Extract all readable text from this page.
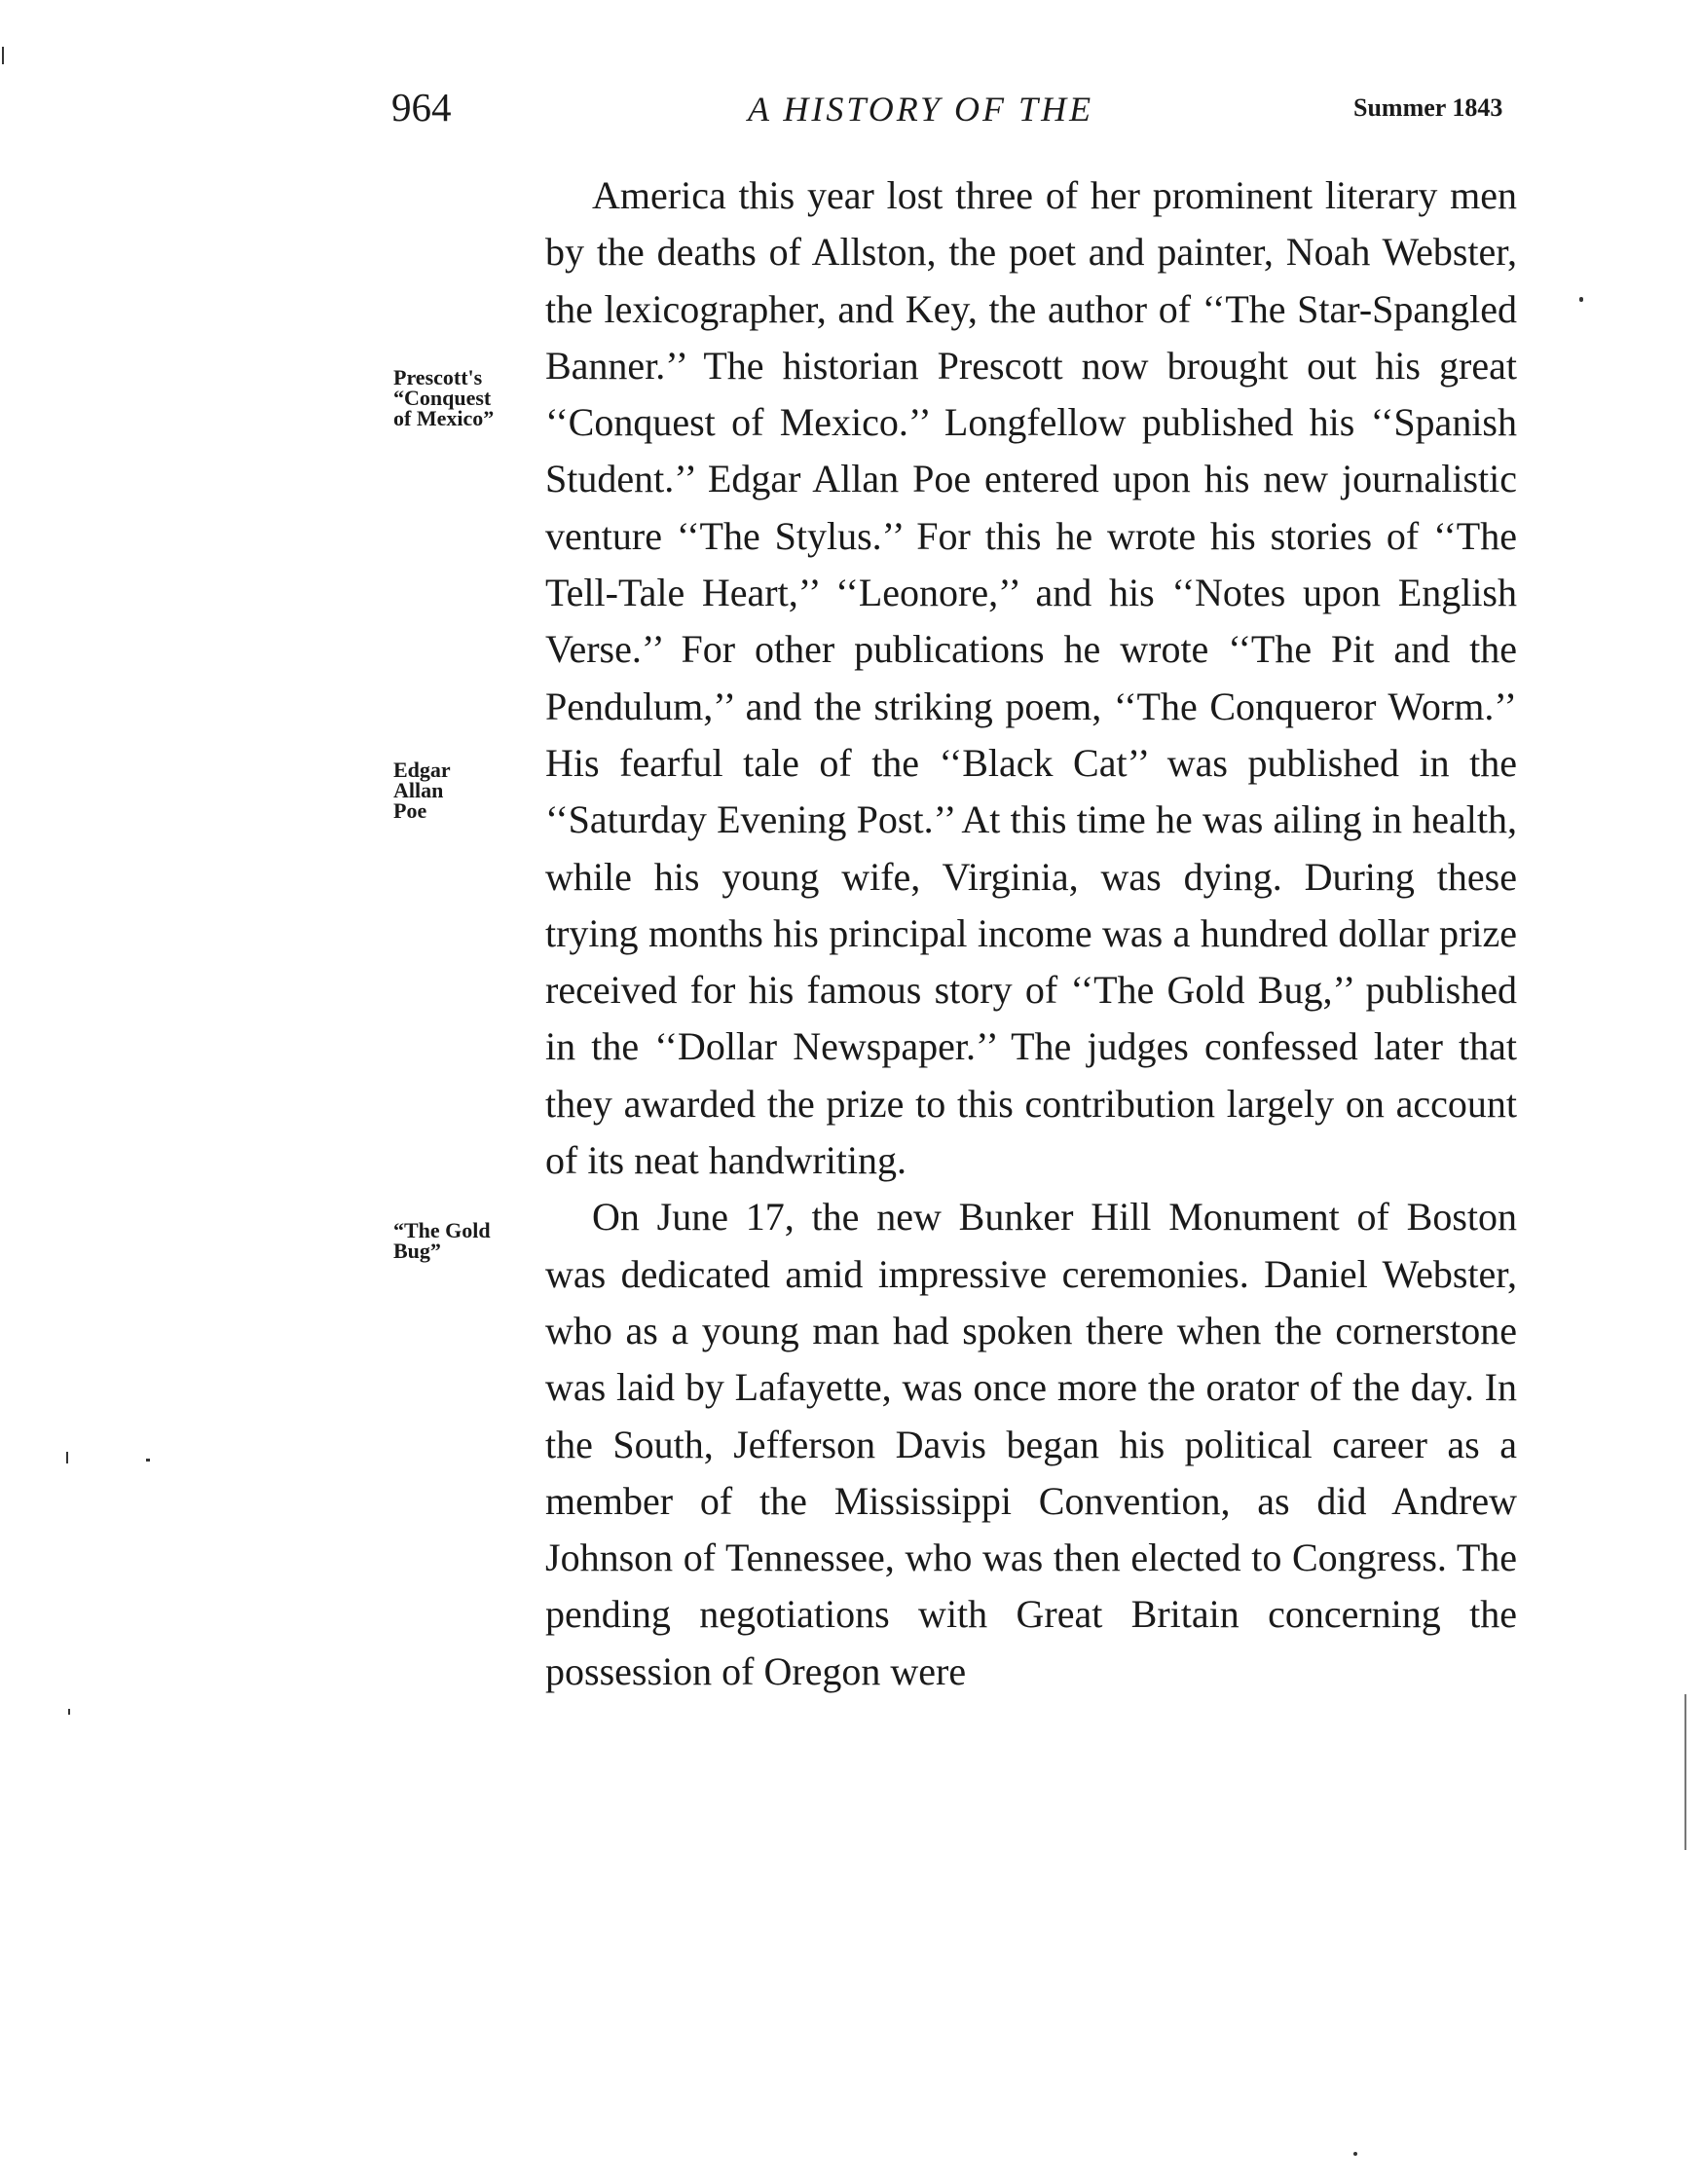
964	A HISTORY OF THE	Summer 1843
Prescott's
“Conquest
of Mexico”
Edgar
Allan
Poe
“The Gold
Bug”

America this year lost three of her prominent literary men by the deaths of Allston, the poet and painter, Noah Webster, the lexicographer, and Key, the author of ‘‘The Star-Spangled Banner.’’ The historian Prescott now brought out his great ‘‘Conquest of Mexico.’’ Longfellow published his ‘‘Spanish Student.’’ Edgar Allan Poe entered upon his new journalistic venture ‘‘The Stylus.’’ For this he wrote his stories of ‘‘The Tell-Tale Heart,’’ ‘‘Leonore,’’ and his ‘‘Notes upon English Verse.’’ For other publications he wrote ‘‘The Pit and the Pendulum,’’ and the striking poem, ‘‘The Conqueror Worm.’’ His fearful tale of the ‘‘Black Cat’’ was published in the ‘‘Saturday Evening Post.’’ At this time he was ailing in health, while his young wife, Virginia, was dying. During these trying months his principal income was a hundred dollar prize received for his famous story of ‘‘The Gold Bug,’’ published in the ‘‘Dollar Newspaper.’’ The judges confessed later that they awarded the prize to this contribution largely on account of its neat handwriting.

On June 17, the new Bunker Hill Monument of Boston was dedicated amid impressive ceremonies. Daniel Webster, who as a young man had spoken there when the cornerstone was laid by Lafayette, was once more the orator of the day. In the South, Jefferson Davis began his political career as a member of the Mississippi Convention, as did Andrew Johnson of Tennessee, who was then elected to Congress. The pending negotiations with Great Britain concerning the possession of Oregon were
